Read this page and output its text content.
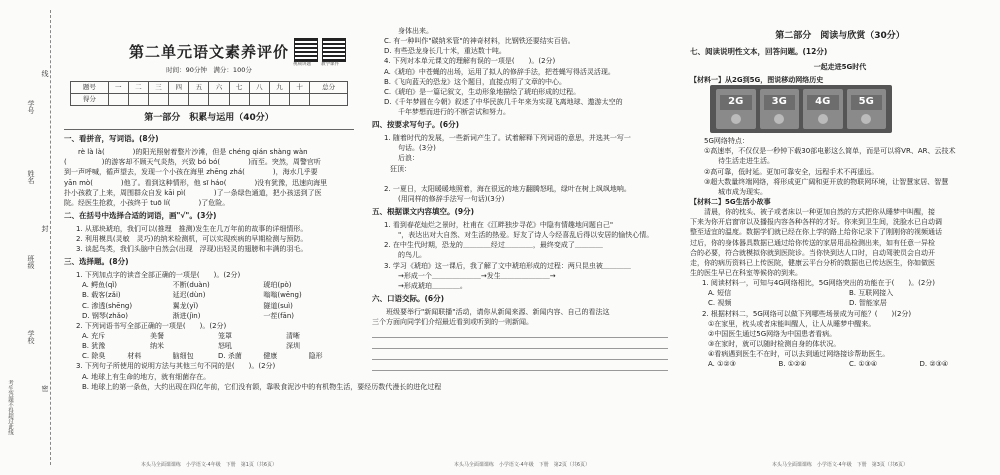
线
封
密
学号
姓名
班级
学校
考生答题不得超过此线
第二单元语文素养评价
时间：90分钟　满分：100分
视频讲题 教学课件
题号	一	二	三	四	五	六	七	八	九	十	总分
得分											
第一部分　积累与运用（40分）
一、看拼音，写词语。(8分)
　　rè là là(　　　　)的阳光照射着整片沙滩，但是 chéng qián shàng wàn
(　　　　　)的游客却不顾天气炎热，兴致 bó bó(　　　　)而至。突然，周警官听
到一声呼喊，循声望去，发现一个小孩在海里 zhēng zhá(　　　　)，海水几乎要
yān mò(　　　　)他了。看到这种情形，他 sī háo(　　　　)没有犹豫，迅速向海里
扑小孩救了上来，周围群众自发 kāi pì(　　　　)了一条绿色通道，把小孩送到了医
院。经医生抢救，小孩终于 tuō lí(　　　　)了危险。
二、在括号中选择合适的词语，画"√"。(3分)
1. 从那块琥珀，我们可以(推理　推测)发生在几万年前的故事的详细情形。
2. 利用模具(灵敏　灵巧)的纳米检测机，可以实现疾病的早期检测与预防。
3. 谈起鸟类，我们头脑中自然会(出现　浮现)出轻灵的翅膀和丰满的羽毛。
三、选择题。(8分)
1. 下列加点字的读音全部正确的一项是(　　)。(2分)
A. 鳄鱼(qǐ)	不断(duàn)	琥珀(pò)
B. 载客(zǎi)	延迟(dùn)	嗡嗡(wēng)
C. 渗透(shēng)	翼龙(yǐ)	隧道(suì)
D. 钢琴(zhǎo)	渐进(jìn)	一茬(fān)
2. 下列词语书写全部正确的一项是(　　)。(2分)
A. 充斥	美餐	笼罩	清晰
B. 犹豫	纳米	怒吼	深圳
C. 除臭	材料	脑细包	D. 杀菌	健康	隐形
3. 下列句子所使用的说明方法与其他三句不同的是(　　)。(2分)
A. 地球上有生命的地方，就有细菌存在。
B. 地球上的第一条鱼，大约出现在四亿年前，它们没有颌，靠吸食泥沙中的有机物生活，要经历数代漫长的进化过程
本头马全面课课练　小学语文·4年级　下册　第1页（共6页）
　　身体出来。
C. 有一种叫作"碳纳米管"的神奇材料，比钢铁还要结实百倍。
D. 有些恐龙身长几十米，重达数十吨。
4. 下列对本单元课文的理解有误的一项是(　　)。(2分)
A.《琥珀》中苍蝇的出场，运用了拟人的修辞手法，把苍蝇写得活灵活现。
B.《飞向蓝天的恐龙》这个题目，直接点明了文章的中心。
C.《琥珀》是一篇记叙文，生动形象地描绘了琥珀形成的过程。
D.《千年梦圆在今朝》叙述了中华民族几千年来为实现飞离地球、遨游太空的
　　千年梦想而进行的不断尝试和努力。
四、按要求写句子。(6分)
1. 随着时代的发展，一些新词产生了。试着解释下列词语的意思，并选其一写一
　　句话。(3分)
　　后浪：
狂顶：

2. 一夏日，太阳暖暖地照着，海在很远的地方翻腾怒吼，绿叶在树上飒飒地响。
　　(用同样的修辞手法写一句话)(3分)
五、根据课文内容填空。(9分)
1. 看到春花灿烂之景时，杜甫在《江畔独步寻花》中隐有情趣地问题自己"
　　"，表达出对大自然、对生活的热爱。好友了诗人今经喜乱后得以安居的愉快心情。
2. 在中生代时期，恐龙的＿＿＿＿经过＿＿＿＿，最终变成了＿＿＿＿
　　的鸟儿。
3. 学习《琥珀》这一课后，我了解了文中琥珀形成的过程：两只昆虫被＿＿＿＿
　　→形成一个＿＿＿＿＿＿＿→发生＿＿＿＿＿＿＿→
　　→形成琥珀＿＿＿＿。
六、口语交际。(6分)
　　班级要举行"新闻联播"活动，请你从新闻来源、新闻内容、自己的看法这
三个方面向同学们介绍最近看到或听到的一则新闻。
本头马全面课课练　小学语文·4年级　下册　第2页（共6页）
第二部分　阅读与欣赏（30分）
七、阅读说明性文本，回答问题。(12分)
一起走进5G时代
【材料一】从2G到5G，图说移动网络历史
2G	3G	4G	5G
　　5G网络特点：
　　①高速率，不仅仅是一秒钟下载30部电影这么简单，而是可以将VR、AR、云技术
　　　　待生活走进生活。
　　②高可靠，低时延。更加可靠安全，远程手术不再遥远。
　　③超大数量终端网络，将形成更广阔和更开放的物联网环境，让智慧家居、智慧
　　　　城市成为现实。
【材料二】5G生活小故事
　　清晨，你的枕头、被子或者床以一种更加自然的方式把你从睡梦中叫醒，接
下来为你开启窗帘以及播报内容各种各样的才好。你来到卫生间，洗脸水已自动调
整至适宜的温度。数据学们就已经在你上学的路上给你记录下了刚刚你的视频通话
过后，你的身体器具数据已通过给你传送的家居用品检测出来，如有任意一异检
合的必要，符合就模拟你就到医院诊。当你快到达人口时，自动驾驶员会自动开
走，你的病历资料已上传医院，健康云平台分析的数据也已传达医生，你如做医
生的医生早已在科室等候你的到来。
1. 阅读材料一，可知与4G网络相比，5G网络突出的功能在于(　　)。(2分)
A. 短信	B. 互联网接入
C. 视频	D. 智能家居
2. 根据材料二，5G网络可以做下列哪些场景成为可能？(　　)(2分)
①在家里，枕头或者床能叫醒人，让人从睡梦中醒来。
②中国医生通过5G网络为中国患者看病。
③在家时，就可以随时检测自身的体状况。
④看病遇到医生不在时，可以去到通过网络接诊帮助医生。
A. ①②③	B. ①②④	C. ①③④	D. ②③④
本头马全面课课练　小学语文·4年级　下册　第3页（共6页）
